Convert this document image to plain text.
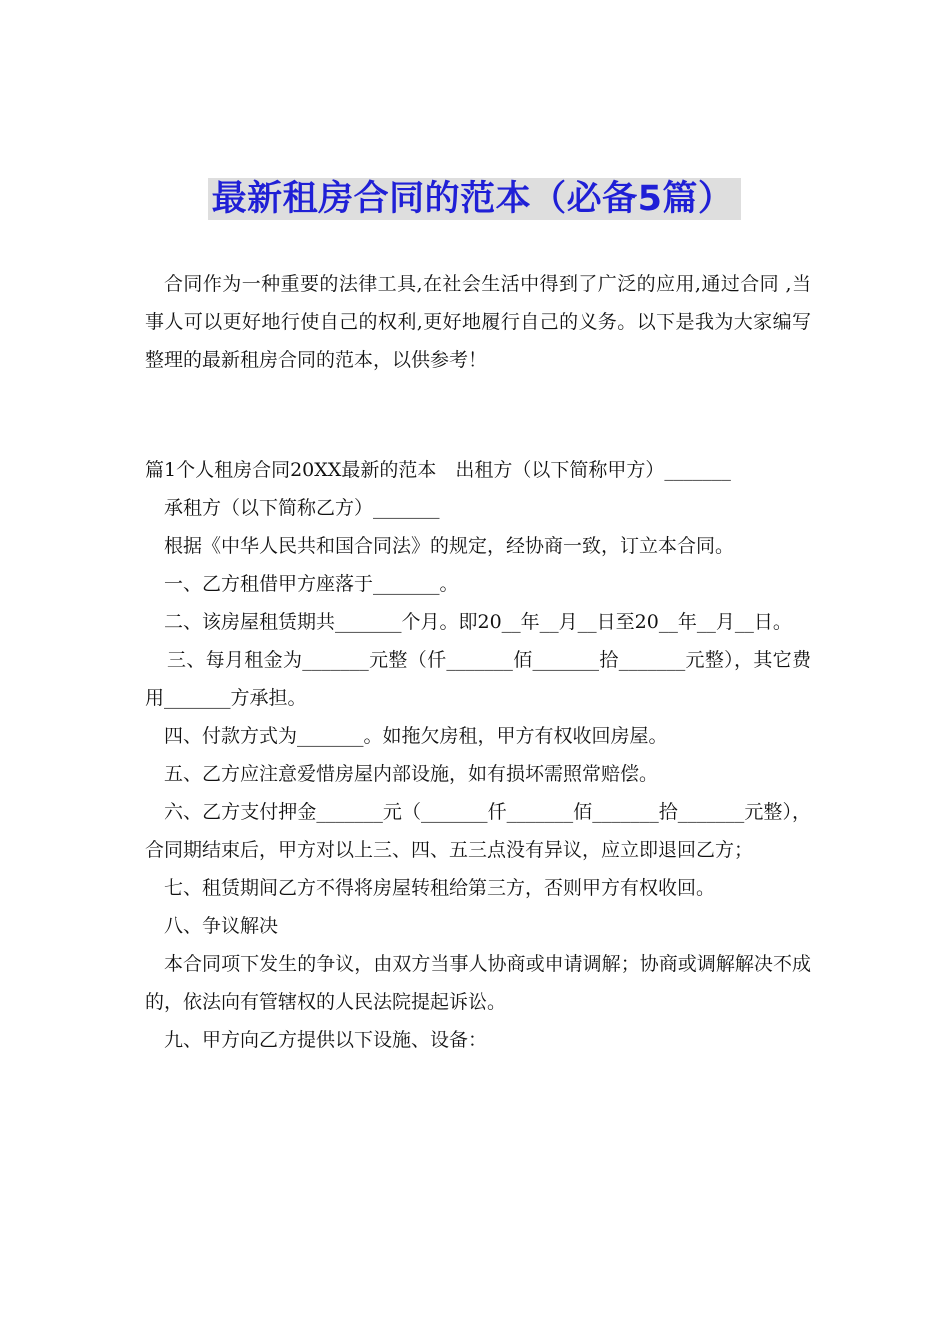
最新租房合同的范本（必备5篇）

合同作为一种重要的法律工具,在社会生活中得到了广泛的应用,通过合同 ,当事人可以更好地行使自己的权利,更好地履行自己的义务。以下是我为大家编写整理的最新租房合同的范本，以供参考！

篇1个人租房合同20XX最新的范本　出租方（以下简称甲方）_______

承租方（以下简称乙方）_______

根据《中华人民共和国合同法》的规定，经协商一致，订立本合同。

一、乙方租借甲方座落于_______。

二、该房屋租赁期共_______个月。即20__年__月__日至20__年__月__日。

三、每月租金为_______元整（仟_______佰_______拾_______元整），其它费用_______方承担。

四、付款方式为_______。如拖欠房租，甲方有权收回房屋。

五、乙方应注意爱惜房屋内部设施，如有损坏需照常赔偿。

六、乙方支付押金_______元（_______仟_______佰_______拾_______元整），合同期结束后，甲方对以上三、四、五三点没有异议，应立即退回乙方；

七、租赁期间乙方不得将房屋转租给第三方，否则甲方有权收回。

八、争议解决

本合同项下发生的争议，由双方当事人协商或申请调解；协商或调解解决不成的，依法向有管辖权的人民法院提起诉讼。

九、甲方向乙方提供以下设施、设备：
